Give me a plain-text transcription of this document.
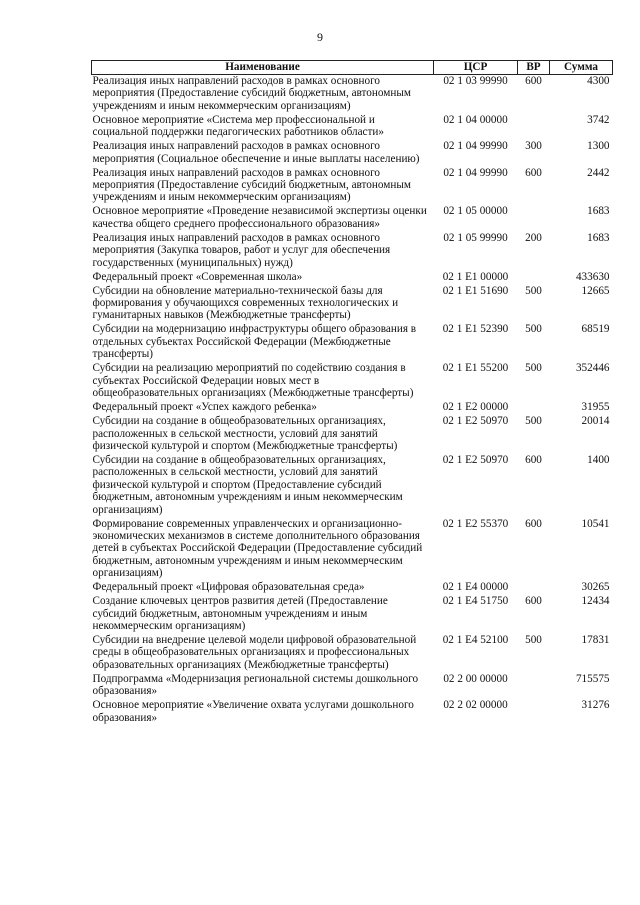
9
Наименование	ЦСР	ВР	Сумма
Реализация иных направлений расходов в рамках основного мероприятия (Предоставление субсидий бюджетным, автономным учреждениям и иным некоммерческим организациям)	02 1 03 99990	600	4300
Основное мероприятие «Система мер профессиональной и социальной поддержки педагогических работников области»	02 1 04 00000		3742
Реализация иных направлений расходов в рамках основного мероприятия (Социальное обеспечение и иные выплаты населению)	02 1 04 99990	300	1300
Реализация иных направлений расходов в рамках основного мероприятия (Предоставление субсидий бюджетным, автономным учреждениям и иным некоммерческим организациям)	02 1 04 99990	600	2442
Основное мероприятие «Проведение независимой экспертизы оценки качества общего среднего профессионального образования»	02 1 05 00000		1683
Реализация иных направлений расходов в рамках основного мероприятия (Закупка товаров, работ и услуг для обеспечения государственных (муниципальных) нужд)	02 1 05 99990	200	1683
Федеральный проект «Современная школа»	02 1 E1 00000		433630
Субсидии на обновление материально-технической базы для формирования у обучающихся современных технологических и гуманитарных навыков (Межбюджетные трансферты)	02 1 E1 51690	500	12665
Субсидии на модернизацию инфраструктуры общего образования в отдельных субъектах Российской Федерации (Межбюджетные трансферты)	02 1 E1 52390	500	68519
Субсидии на реализацию мероприятий по содействию создания в субъектах Российской Федерации новых мест в общеобразовательных организациях (Межбюджетные трансферты)	02 1 E1 55200	500	352446
Федеральный проект «Успех каждого ребенка»	02 1 E2 00000		31955
Субсидии на создание в общеобразовательных организациях, расположенных в сельской местности, условий для занятий физической культурой и спортом (Межбюджетные трансферты)	02 1 E2 50970	500	20014
Субсидии на создание в общеобразовательных организациях, расположенных в сельской местности, условий для занятий физической культурой и спортом (Предоставление субсидий бюджетным, автономным учреждениям и иным некоммерческим организациям)	02 1 E2 50970	600	1400
Формирование современных управленческих и организационно-экономических механизмов в системе дополнительного образования детей в субъектах Российской Федерации (Предоставление субсидий бюджетным, автономным учреждениям и иным некоммерческим организациям)	02 1 E2 55370	600	10541
Федеральный проект «Цифровая образовательная среда»	02 1 E4 00000		30265
Создание ключевых центров развития детей (Предоставление субсидий бюджетным, автономным учреждениям и иным некоммерческим организациям)	02 1 E4 51750	600	12434
Субсидии на внедрение целевой модели цифровой образовательной среды в общеобразовательных организациях и профессиональных образовательных организациях (Межбюджетные трансферты)	02 1 E4 52100	500	17831
Подпрограмма «Модернизация региональной системы дошкольного образования»	02 2 00 00000		715575
Основное мероприятие «Увеличение охвата услугами дошкольного образования»	02 2 02 00000		31276
